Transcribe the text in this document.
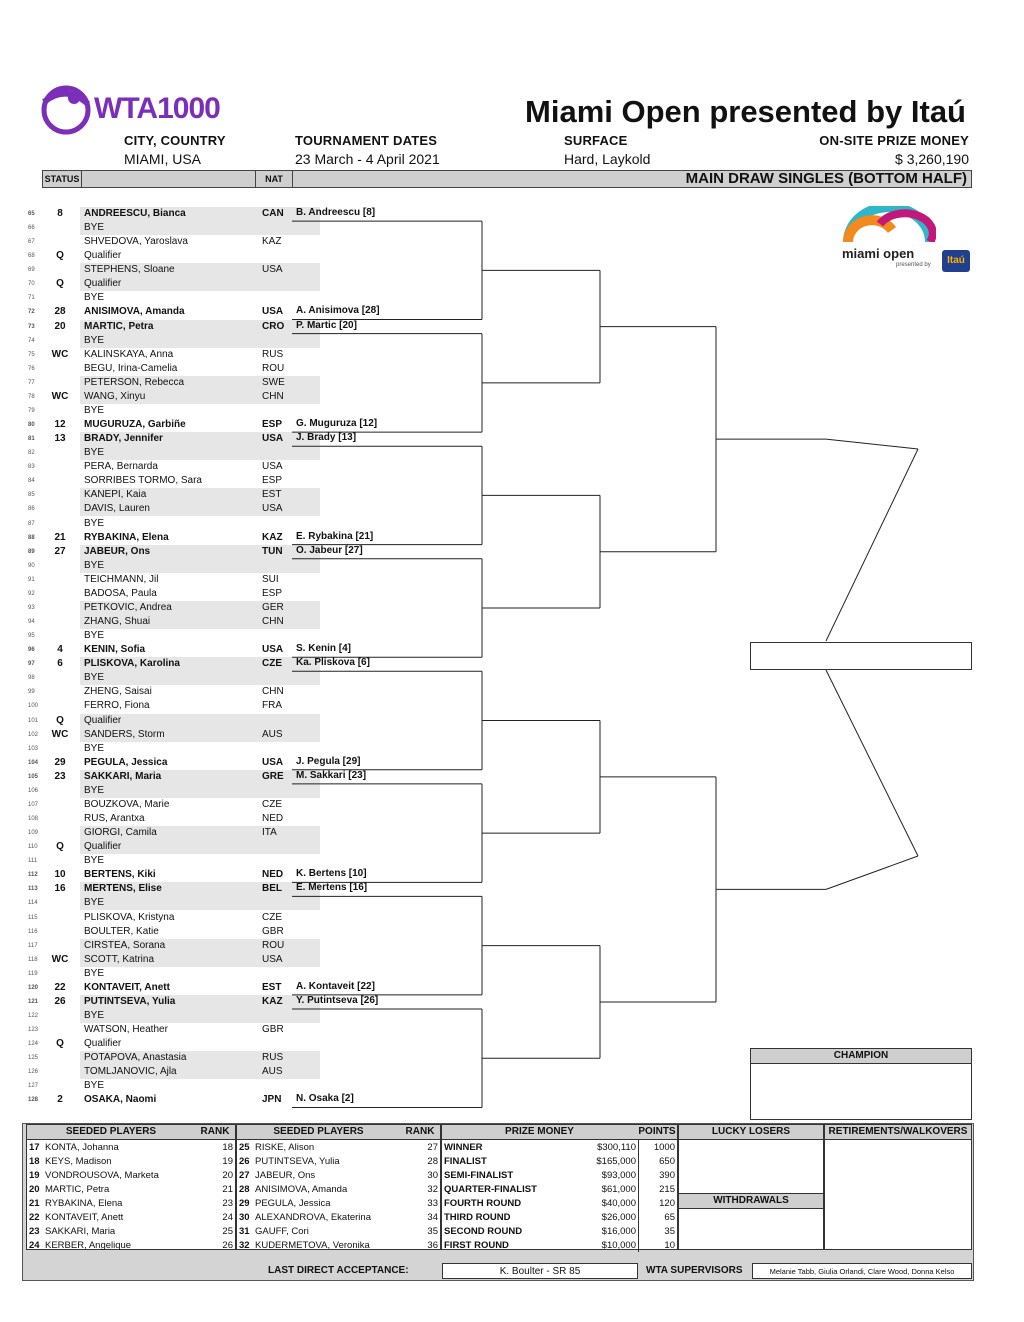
WTA1000	Miami Open presented by Itaú
CITY, COUNTRY
MIAMI, USA
TOURNAMENT DATES
23 March - 4 April 2021
SURFACE
Hard, Laykold
ON-SITE PRIZE MONEY
$ 3,260,190
STATUS	NAT	MAIN DRAW SINGLES (BOTTOM HALF)
miami open
presented by	Itaú
65	8	ANDREESCU, Bianca	CAN
66	BYE
67	SHVEDOVA, Yaroslava	KAZ
68	Q	Qualifier
69	STEPHENS, Sloane	USA
70	Q	Qualifier
71	BYE
72	28	ANISIMOVA, Amanda	USA
73	20	MARTIC, Petra	CRO
74	BYE
75	WC	KALINSKAYA, Anna	RUS
76	BEGU, Irina-Camelia	ROU
77	PETERSON, Rebecca	SWE
78	WC	WANG, Xinyu	CHN
79	BYE
80	12	MUGURUZA, Garbiñe	ESP
81	13	BRADY, Jennifer	USA
82	BYE
83	PERA, Bernarda	USA
84	SORRIBES TORMO, Sara	ESP
85	KANEPI, Kaia	EST
86	DAVIS, Lauren	USA
87	BYE
88	21	RYBAKINA, Elena	KAZ
89	27	JABEUR, Ons	TUN
90	BYE
91	TEICHMANN, Jil	SUI
92	BADOSA, Paula	ESP
93	PETKOVIC, Andrea	GER
94	ZHANG, Shuai	CHN
95	BYE
96	4	KENIN, Sofia	USA
97	6	PLISKOVA, Karolina	CZE
98	BYE
99	ZHENG, Saisai	CHN
100	FERRO, Fiona	FRA
101	Q	Qualifier
102	WC	SANDERS, Storm	AUS
103	BYE
104	29	PEGULA, Jessica	USA
105	23	SAKKARI, Maria	GRE
106	BYE
107	BOUZKOVA, Marie	CZE
108	RUS, Arantxa	NED
109	GIORGI, Camila	ITA
110	Q	Qualifier
111	BYE
112	10	BERTENS, Kiki	NED
113	16	MERTENS, Elise	BEL
114	BYE
115	PLISKOVA, Kristyna	CZE
116	BOULTER, Katie	GBR
117	CIRSTEA, Sorana	ROU
118	WC	SCOTT, Katrina	USA
119	BYE
120	22	KONTAVEIT, Anett	EST
121	26	PUTINTSEVA, Yulia	KAZ
122	BYE
123	WATSON, Heather	GBR
124	Q	Qualifier
125	POTAPOVA, Anastasia	RUS
126	TOMLJANOVIC, Ajla	AUS
127	BYE
128	2	OSAKA, Naomi	JPN
B. Andreescu [8]
A. Anisimova [28]
P. Martic [20]
G. Muguruza [12]
J. Brady [13]
E. Rybakina [21]
O. Jabeur [27]
S. Kenin [4]
Ka. Pliskova [6]
J. Pegula [29]
M. Sakkari [23]
K. Bertens [10]
E. Mertens [16]
A. Kontaveit [22]
Y. Putintseva [26]
N. Osaka [2]
CHAMPION
SEEDED PLAYERS	RANK
17	KONTA, Johanna	18
18	KEYS, Madison	19
19	VONDROUSOVA, Marketa	20
20	MARTIC, Petra	21
21	RYBAKINA, Elena	23
22	KONTAVEIT, Anett	24
23	SAKKARI, Maria	25
24	KERBER, Angelique	26
SEEDED PLAYERS	RANK
25	RISKE, Alison	27
26	PUTINTSEVA, Yulia	28
27	JABEUR, Ons	30
28	ANISIMOVA, Amanda	32
29	PEGULA, Jessica	33
30	ALEXANDROVA, Ekaterina	34
31	GAUFF, Cori	35
32	KUDERMETOVA, Veronika	36
PRIZE MONEY	POINTS
WINNER	$300,110	1000
FINALIST	$165,000	650
SEMI-FINALIST	$93,000	390
QUARTER-FINALIST	$61,000	215
FOURTH ROUND	$40,000	120
THIRD ROUND	$26,000	65
SECOND ROUND	$16,000	35
FIRST ROUND	$10,000	10
LUCKY LOSERS
WITHDRAWALS
RETIREMENTS/WALKOVERS
LAST DIRECT ACCEPTANCE:	K. Boulter - SR 85	WTA SUPERVISORS	Melanie Tabb, Giulia Orlandi, Clare Wood, Donna Kelso
